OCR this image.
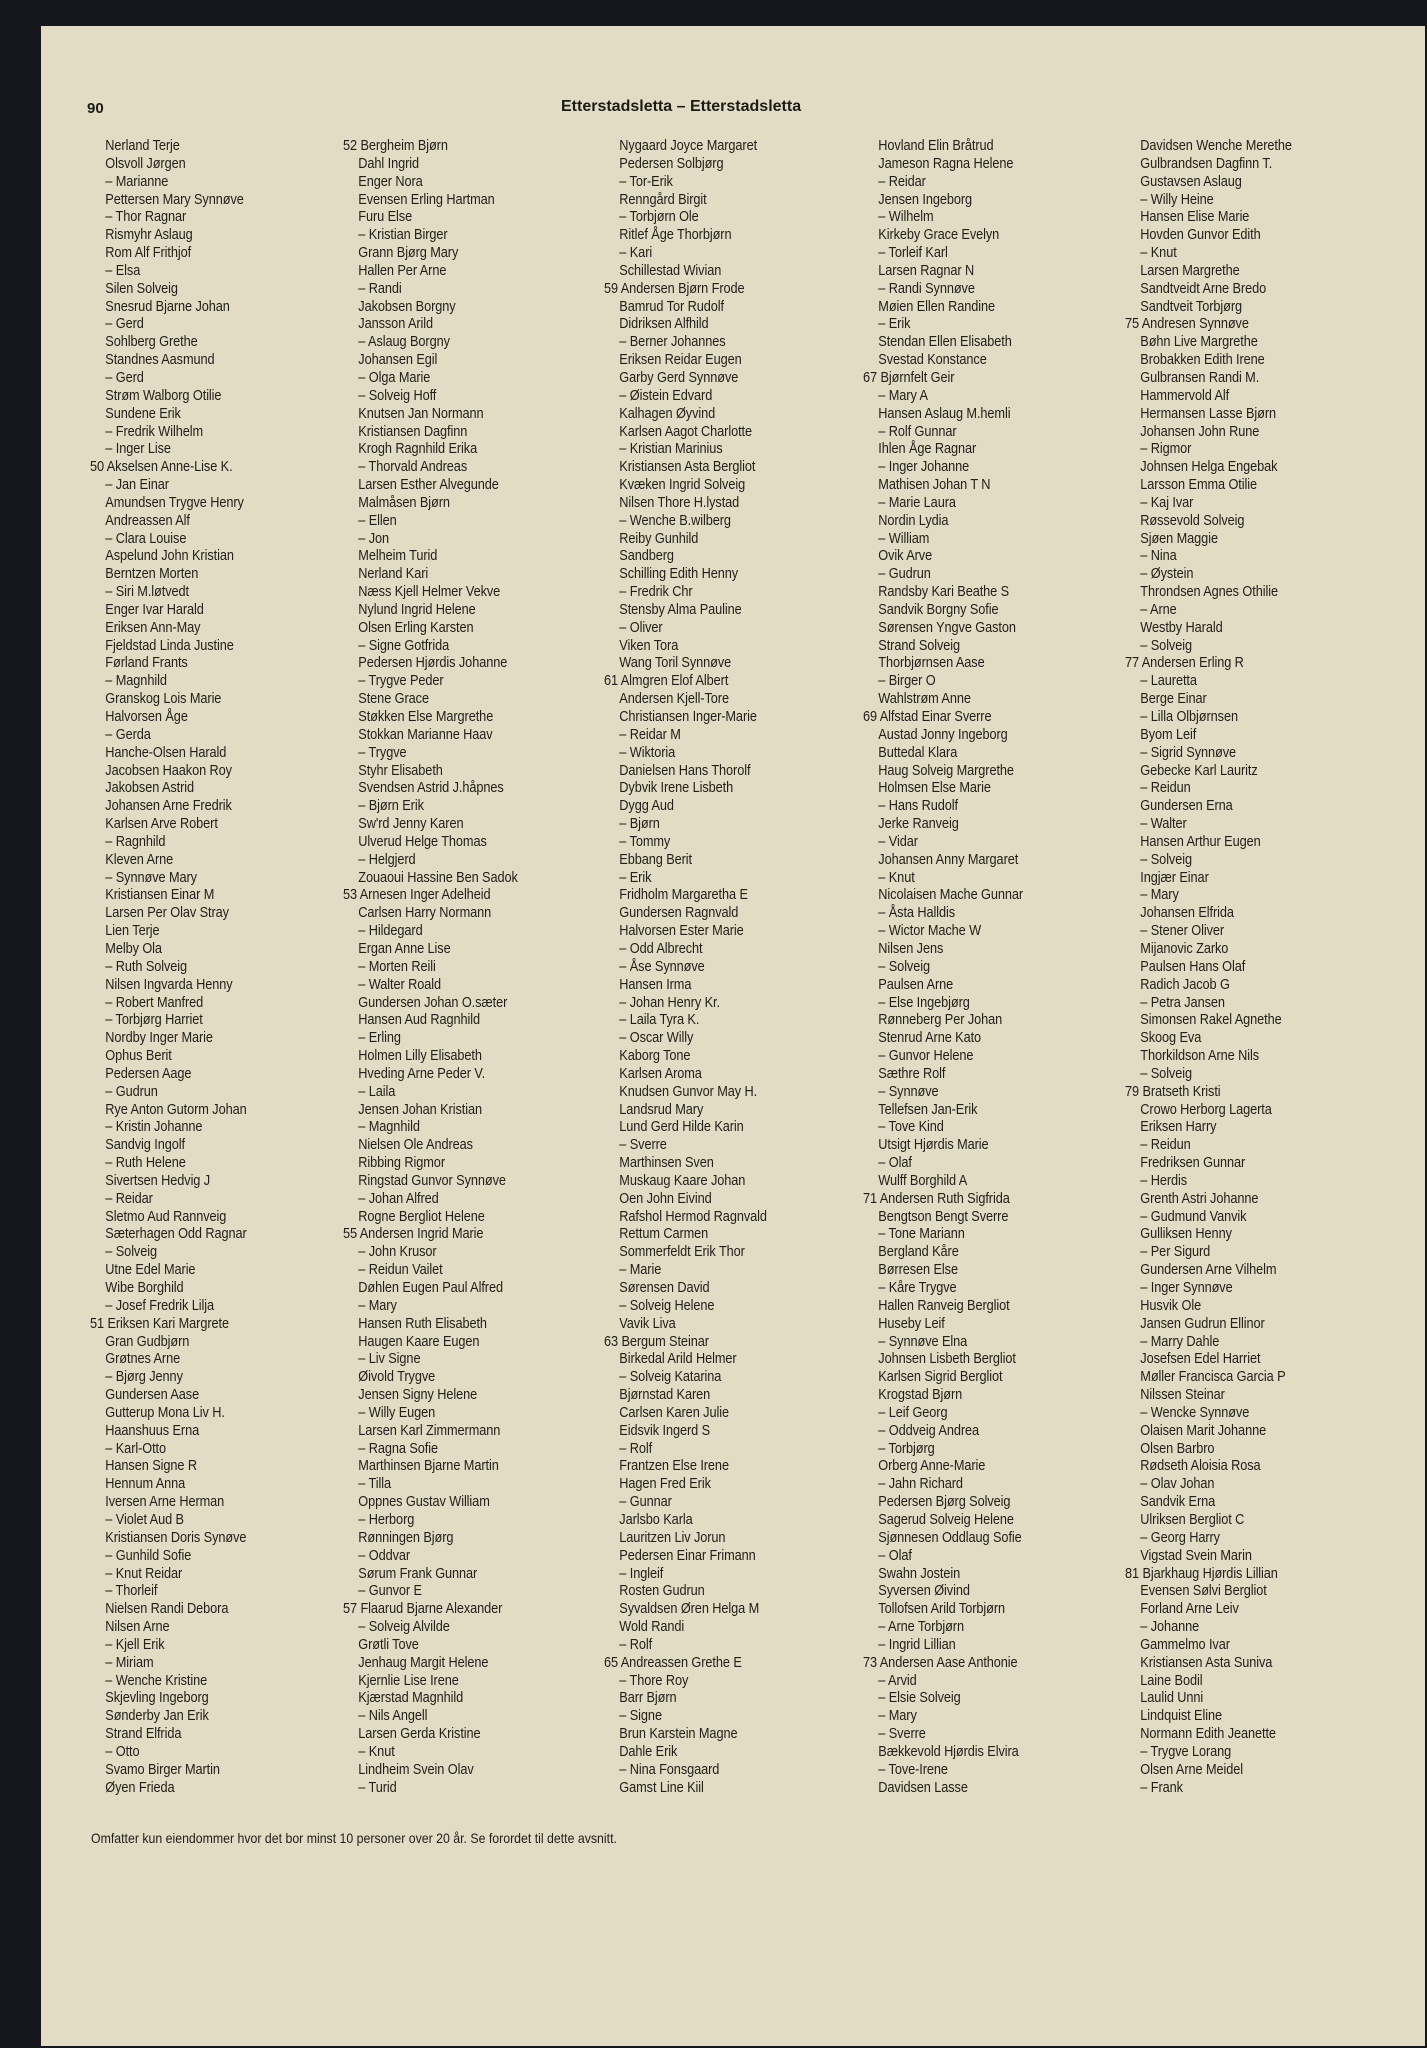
90	Etterstadsletta – Etterstadsletta
Nerland Terje
Olsvoll Jørgen
– Marianne
Pettersen Mary Synnøve
– Thor Ragnar
Rismyhr Aslaug
Rom Alf Frithjof
– Elsa
Silen Solveig
Snesrud Bjarne Johan
– Gerd
Sohlberg Grethe
Standnes Aasmund
– Gerd
Strøm Walborg Otilie
Sundene Erik
– Fredrik Wilhelm
– Inger Lise
50 Akselsen Anne-Lise K.
– Jan Einar
Amundsen Trygve Henry
Andreassen Alf
– Clara Louise
Aspelund John Kristian
Berntzen Morten
– Siri M.løtvedt
Enger Ivar Harald
Eriksen Ann-May
Fjeldstad Linda Justine
Førland Frants
– Magnhild
Granskog Lois Marie
Halvorsen Åge
– Gerda
Hanche-Olsen Harald
Jacobsen Haakon Roy
Jakobsen Astrid
Johansen Arne Fredrik
Karlsen Arve Robert
– Ragnhild
Kleven Arne
– Synnøve Mary
Kristiansen Einar M
Larsen Per Olav Stray
Lien Terje
Melby Ola
– Ruth Solveig
Nilsen Ingvarda Henny
– Robert Manfred
– Torbjørg Harriet
Nordby Inger Marie
Ophus Berit
Pedersen Aage
– Gudrun
Rye Anton Gutorm Johan
– Kristin Johanne
Sandvig Ingolf
– Ruth Helene
Sivertsen Hedvig J
– Reidar
Sletmo Aud Rannveig
Sæterhagen Odd Ragnar
– Solveig
Utne Edel Marie
Wibe Borghild
– Josef Fredrik Lilja
51 Eriksen Kari Margrete
Gran Gudbjørn
Grøtnes Arne
– Bjørg Jenny
Gundersen Aase
Gutterup Mona Liv H.
Haanshuus Erna
– Karl-Otto
Hansen Signe R
Hennum Anna
Iversen Arne Herman
– Violet Aud B
Kristiansen Doris Synøve
– Gunhild Sofie
– Knut Reidar
– Thorleif
Nielsen Randi Debora
Nilsen Arne
– Kjell Erik
– Miriam
– Wenche Kristine
Skjevling Ingeborg
Sønderby Jan Erik
Strand Elfrida
– Otto
Svamo Birger Martin
Øyen Frieda
52 Bergheim Bjørn
Dahl Ingrid
Enger Nora
Evensen Erling Hartman
Furu Else
– Kristian Birger
Grann Bjørg Mary
Hallen Per Arne
– Randi
Jakobsen Borgny
Jansson Arild
– Aslaug Borgny
Johansen Egil
– Olga Marie
– Solveig Hoff
Knutsen Jan Normann
Kristiansen Dagfinn
Krogh Ragnhild Erika
– Thorvald Andreas
Larsen Esther Alvegunde
Malmåsen Bjørn
– Ellen
– Jon
Melheim Turid
Nerland Kari
Næss Kjell Helmer Vekve
Nylund Ingrid Helene
Olsen Erling Karsten
– Signe Gotfrida
Pedersen Hjørdis Johanne
– Trygve Peder
Stene Grace
Støkken Else Margrethe
Stokkan Marianne Haav
– Trygve
Styhr Elisabeth
Svendsen Astrid J.håpnes
– Bjørn Erik
Sw'rd Jenny Karen
Ulverud Helge Thomas
– Helgjerd
Zouaoui Hassine Ben Sadok
53 Arnesen Inger Adelheid
Carlsen Harry Normann
– Hildegard
Ergan Anne Lise
– Morten Reili
– Walter Roald
Gundersen Johan O.sæter
Hansen Aud Ragnhild
– Erling
Holmen Lilly Elisabeth
Hveding Arne Peder V.
– Laila
Jensen Johan Kristian
– Magnhild
Nielsen Ole Andreas
Ribbing Rigmor
Ringstad Gunvor Synnøve
– Johan Alfred
Rogne Bergliot Helene
55 Andersen Ingrid Marie
– John Krusor
– Reidun Vailet
Døhlen Eugen Paul Alfred
– Mary
Hansen Ruth Elisabeth
Haugen Kaare Eugen
– Liv Signe
Øivold Trygve
Jensen Signy Helene
– Willy Eugen
Larsen Karl Zimmermann
– Ragna Sofie
Marthinsen Bjarne Martin
– Tilla
Oppnes Gustav William
– Herborg
Rønningen Bjørg
– Oddvar
Sørum Frank Gunnar
– Gunvor E
57 Flaarud Bjarne Alexander
– Solveig Alvilde
Grøtli Tove
Jenhaug Margit Helene
Kjernlie Lise Irene
Kjærstad Magnhild
– Nils Angell
Larsen Gerda Kristine
– Knut
Lindheim Svein Olav
– Turid
Nygaard Joyce Margaret
Pedersen Solbjørg
– Tor-Erik
Renngård Birgit
– Torbjørn Ole
Ritlef Åge Thorbjørn
– Kari
Schillestad Wivian
59 Andersen Bjørn Frode
Bamrud Tor Rudolf
Didriksen Alfhild
– Berner Johannes
Eriksen Reidar Eugen
Garby Gerd Synnøve
– Øistein Edvard
Kalhagen Øyvind
Karlsen Aagot Charlotte
– Kristian Marinius
Kristiansen Asta Bergliot
Kvæken Ingrid Solveig
Nilsen Thore H.lystad
– Wenche B.wilberg
Reiby Gunhild
Sandberg
Schilling Edith Henny
– Fredrik Chr
Stensby Alma Pauline
– Oliver
Viken Tora
Wang Toril Synnøve
61 Almgren Elof Albert
Andersen Kjell-Tore
Christiansen Inger-Marie
– Reidar M
– Wiktoria
Danielsen Hans Thorolf
Dybvik Irene Lisbeth
Dygg Aud
– Bjørn
– Tommy
Ebbang Berit
– Erik
Fridholm Margaretha E
Gundersen Ragnvald
Halvorsen Ester Marie
– Odd Albrecht
– Åse Synnøve
Hansen Irma
– Johan Henry Kr.
– Laila Tyra K.
– Oscar Willy
Kaborg Tone
Karlsen Aroma
Knudsen Gunvor May H.
Landsrud Mary
Lund Gerd Hilde Karin
– Sverre
Marthinsen Sven
Muskaug Kaare Johan
Oen John Eivind
Rafshol Hermod Ragnvald
Rettum Carmen
Sommerfeldt Erik Thor
– Marie
Sørensen David
– Solveig Helene
Vavik Liva
63 Bergum Steinar
Birkedal Arild Helmer
– Solveig Katarina
Bjørnstad Karen
Carlsen Karen Julie
Eidsvik Ingerd S
– Rolf
Frantzen Else Irene
Hagen Fred Erik
– Gunnar
Jarlsbo Karla
Lauritzen Liv Jorun
Pedersen Einar Frimann
– Ingleif
Rosten Gudrun
Syvaldsen Øren Helga M
Wold Randi
– Rolf
65 Andreassen Grethe E
– Thore Roy
Barr Bjørn
– Signe
Brun Karstein Magne
Dahle Erik
– Nina Fonsgaard
Gamst Line Kiil
Hovland Elin Bråtrud
Jameson Ragna Helene
– Reidar
Jensen Ingeborg
– Wilhelm
Kirkeby Grace Evelyn
– Torleif Karl
Larsen Ragnar N
– Randi Synnøve
Møien Ellen Randine
– Erik
Stendan Ellen Elisabeth
Svestad Konstance
67 Bjørnfelt Geir
– Mary A
Hansen Aslaug M.hemli
– Rolf Gunnar
Ihlen Åge Ragnar
– Inger Johanne
Mathisen Johan T N
– Marie Laura
Nordin Lydia
– William
Ovik Arve
– Gudrun
Randsby Kari Beathe S
Sandvik Borgny Sofie
Sørensen Yngve Gaston
Strand Solveig
Thorbjørnsen Aase
– Birger O
Wahlstrøm Anne
69 Alfstad Einar Sverre
Austad Jonny Ingeborg
Buttedal Klara
Haug Solveig Margrethe
Holmsen Else Marie
– Hans Rudolf
Jerke Ranveig
– Vidar
Johansen Anny Margaret
– Knut
Nicolaisen Mache Gunnar
– Åsta Halldis
– Wictor Mache W
Nilsen Jens
– Solveig
Paulsen Arne
– Else Ingebjørg
Rønneberg Per Johan
Stenrud Arne Kato
– Gunvor Helene
Sæthre Rolf
– Synnøve
Tellefsen Jan-Erik
– Tove Kind
Utsigt Hjørdis Marie
– Olaf
Wulff Borghild A
71 Andersen Ruth Sigfrida
Bengtson Bengt Sverre
– Tone Mariann
Bergland Kåre
Børresen Else
– Kåre Trygve
Hallen Ranveig Bergliot
Huseby Leif
– Synnøve Elna
Johnsen Lisbeth Bergliot
Karlsen Sigrid Bergliot
Krogstad Bjørn
– Leif Georg
– Oddveig Andrea
– Torbjørg
Orberg Anne-Marie
– Jahn Richard
Pedersen Bjørg Solveig
Sagerud Solveig Helene
Sjønnesen Oddlaug Sofie
– Olaf
Swahn Jostein
Syversen Øivind
Tollofsen Arild Torbjørn
– Arne Torbjørn
– Ingrid Lillian
73 Andersen Aase Anthonie
– Arvid
– Elsie Solveig
– Mary
– Sverre
Bækkevold Hjørdis Elvira
– Tove-Irene
Davidsen Lasse
Davidsen Wenche Merethe
Gulbrandsen Dagfinn T.
Gustavsen Aslaug
– Willy Heine
Hansen Elise Marie
Hovden Gunvor Edith
– Knut
Larsen Margrethe
Sandtveidt Arne Bredo
Sandtveit Torbjørg
75 Andresen Synnøve
Bøhn Live Margrethe
Brobakken Edith Irene
Gulbransen Randi M.
Hammervold Alf
Hermansen Lasse Bjørn
Johansen John Rune
– Rigmor
Johnsen Helga Engebak
Larsson Emma Otilie
– Kaj Ivar
Røssevold Solveig
Sjøen Maggie
– Nina
– Øystein
Throndsen Agnes Othilie
– Arne
Westby Harald
– Solveig
77 Andersen Erling R
– Lauretta
Berge Einar
– Lilla Olbjørnsen
Byom Leif
– Sigrid Synnøve
Gebecke Karl Lauritz
– Reidun
Gundersen Erna
– Walter
Hansen Arthur Eugen
– Solveig
Ingjær Einar
– Mary
Johansen Elfrida
– Stener Oliver
Mijanovic Zarko
Paulsen Hans Olaf
Radich Jacob G
– Petra Jansen
Simonsen Rakel Agnethe
Skoog Eva
Thorkildson Arne Nils
– Solveig
79 Bratseth Kristi
Crowo Herborg Lagerta
Eriksen Harry
– Reidun
Fredriksen Gunnar
– Herdis
Grenth Astri Johanne
– Gudmund Vanvik
Gulliksen Henny
– Per Sigurd
Gundersen Arne Vilhelm
– Inger Synnøve
Husvik Ole
Jansen Gudrun Ellinor
– Marry Dahle
Josefsen Edel Harriet
Møller Francisca Garcia P
Nilssen Steinar
– Wencke Synnøve
Olaisen Marit Johanne
Olsen Barbro
Rødseth Aloisia Rosa
– Olav Johan
Sandvik Erna
Ulriksen Bergliot C
– Georg Harry
Vigstad Svein Marin
81 Bjarkhaug Hjørdis Lillian
Evensen Sølvi Bergliot
Forland Arne Leiv
– Johanne
Gammelmo Ivar
Kristiansen Asta Suniva
Laine Bodil
Laulid Unni
Lindquist Eline
Normann Edith Jeanette
– Trygve Lorang
Olsen Arne Meidel
– Frank
Omfatter kun eiendommer hvor det bor minst 10 personer over 20 år. Se forordet til dette avsnitt.
